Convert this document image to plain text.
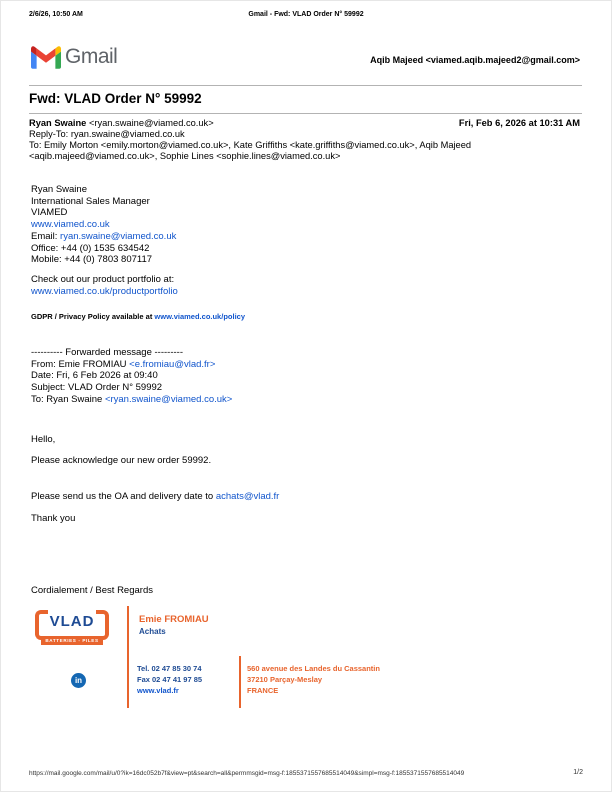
2/6/26, 10:50 AM	Gmail - Fwd: VLAD Order N° 59992
Gmail	Aqib Majeed <viamed.aqib.majeed2@gmail.com>
Fwd: VLAD Order N° 59992
Ryan Swaine <ryan.swaine@viamed.co.uk>	Fri, Feb 6, 2026 at 10:31 AM
Reply-To: ryan.swaine@viamed.co.uk
To: Emily Morton <emily.morton@viamed.co.uk>, Kate Griffiths <kate.griffiths@viamed.co.uk>, Aqib Majeed <aqib.majeed@viamed.co.uk>, Sophie Lines <sophie.lines@viamed.co.uk>
Ryan Swaine
International Sales Manager
VIAMED
www.viamed.co.uk
Email: ryan.swaine@viamed.co.uk
Office: +44 (0) 1535 634542
Mobile: +44 (0) 7803 807117
Check out our product portfolio at:
www.viamed.co.uk/productportfolio
GDPR / Privacy Policy available at www.viamed.co.uk/policy
---------- Forwarded message ---------
From: Emie FROMIAU <e.fromiau@vlad.fr>
Date: Fri, 6 Feb 2026 at 09:40
Subject: VLAD Order N° 59992
To: Ryan Swaine <ryan.swaine@viamed.co.uk>
Hello,
Please acknowledge our new order 59992.
Please send us the OA and delivery date to achats@vlad.fr
Thank you
Cordialement / Best Regards
VLAD
BATTERIES - PILES
Emie FROMIAU
Achats
in
Tel. 02 47 85 30 74
Fax 02 47 41 97 85
www.vlad.fr
560 avenue des Landes du Cassantin
37210 Parçay-Meslay
FRANCE
https://mail.google.com/mail/u/0?ik=16dc052b7f&view=pt&search=all&permmsgid=msg-f:1855371557685514049&simpl=msg-f:1855371557685514049	1/2
